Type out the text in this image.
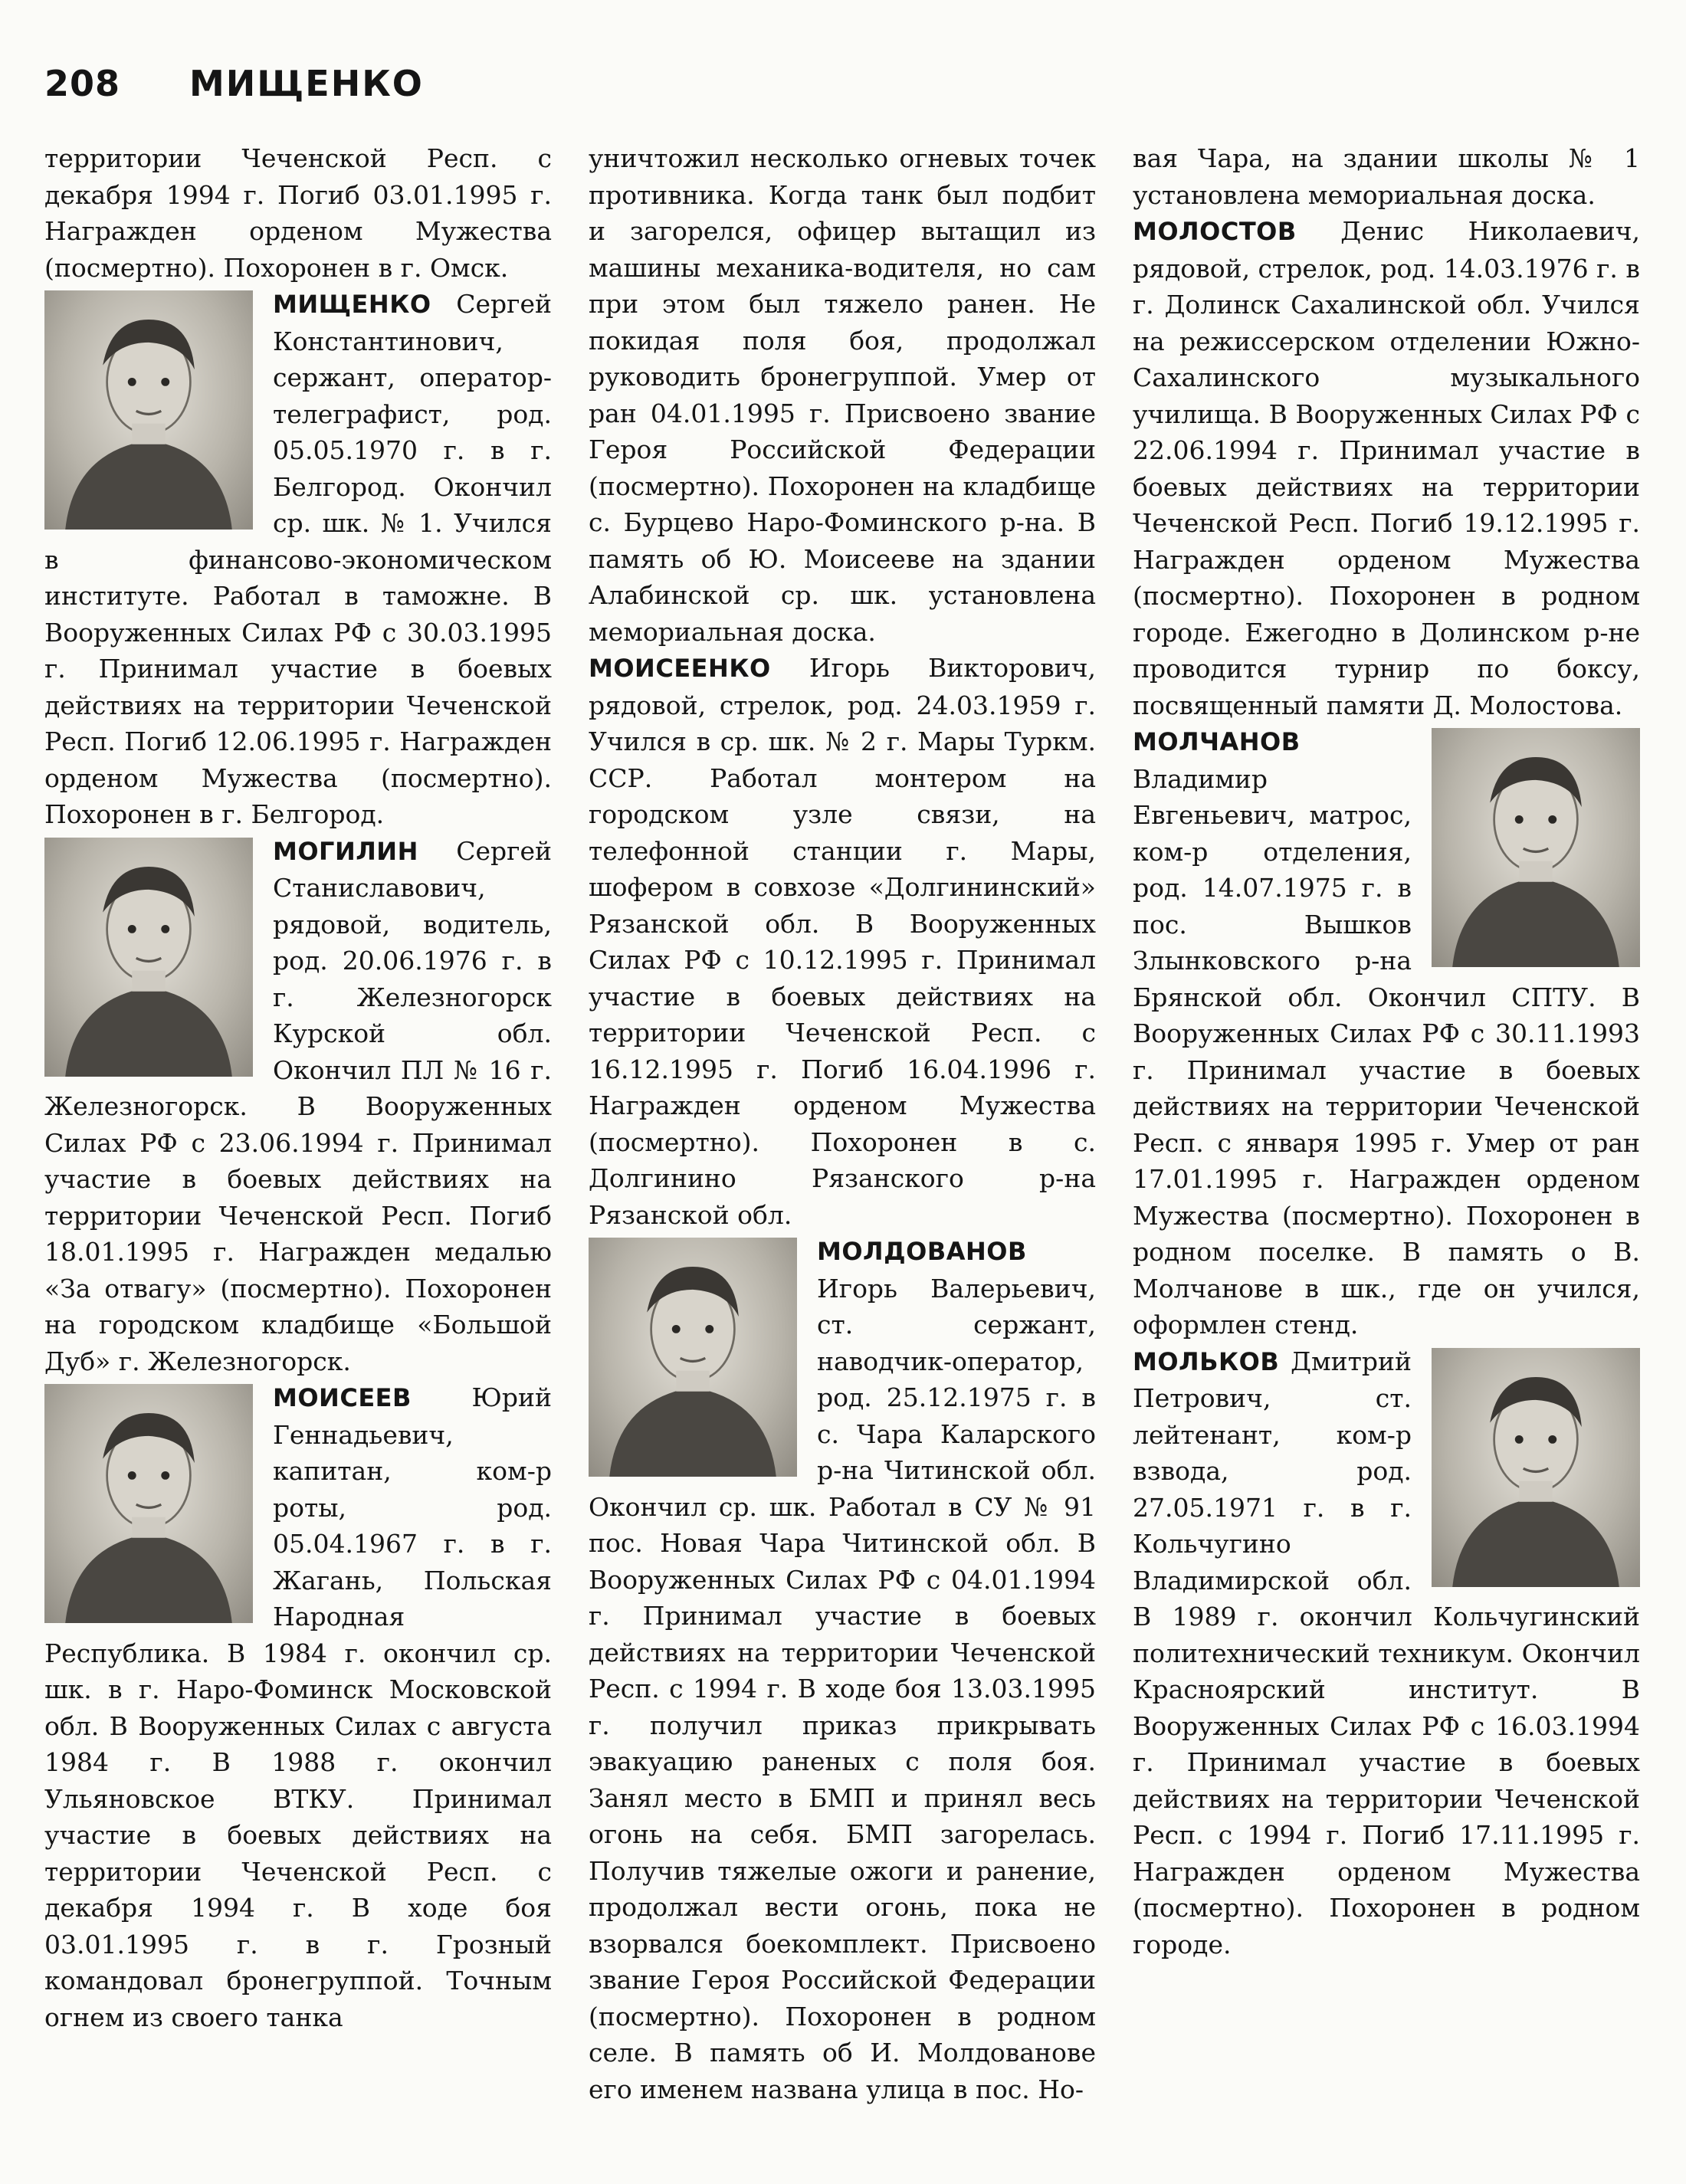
208 МИЩЕНКО

территории Чеченской Респ. с декабря 1994 г. Погиб 03.01.1995 г. Награжден орденом Мужества (посмертно). Похоронен в г. Омск.

МИЩЕНКО Сергей Константинович, сержант, оператор-телеграфист, род. 05.05.1970 г. в г. Белгород. Окончил ср. шк. № 1. Учился в финансово-экономическом институте. Работал в таможне. В Вооруженных Силах РФ с 30.03.1995 г. Принимал участие в боевых действиях на территории Чеченской Респ. Погиб 12.06.1995 г. Награжден орденом Мужества (посмертно). Похоронен в г. Белгород.

МОГИЛИН Сергей Станиславович, рядовой, водитель, род. 20.06.1976 г. в г. Железногорск Курской обл. Окончил ПЛ № 16 г. Железногорск. В Вооруженных Силах РФ с 23.06.1994 г. Принимал участие в боевых действиях на территории Чеченской Респ. Погиб 18.01.1995 г. Награжден медалью «За отвагу» (посмертно). Похоронен на городском кладбище «Большой Дуб» г. Железногорск.

МОИСЕЕВ Юрий Геннадьевич, капитан, ком-р роты, род. 05.04.1967 г. в г. Жагань, Польская Народная Республика. В 1984 г. окончил ср. шк. в г. Наро-Фоминск Московской обл. В Вооруженных Силах с августа 1984 г. В 1988 г. окончил Ульяновское ВТКУ. Принимал участие в боевых действиях на территории Чеченской Респ. с декабря 1994 г. В ходе боя 03.01.1995 г. в г. Грозный командовал бронегруппой. Точным огнем из своего танка

уничтожил несколько огневых точек противника. Когда танк был подбит и загорелся, офицер вытащил из машины механика-водителя, но сам при этом был тяжело ранен. Не покидая поля боя, продолжал руководить бронегруппой. Умер от ран 04.01.1995 г. Присвоено звание Героя Российской Федерации (посмертно). Похоронен на кладбище с. Бурцево Наро-Фоминского р-на. В память об Ю. Моисееве на здании Алабинской ср. шк. установлена мемориальная доска.

МОИСЕЕНКО Игорь Викторович, рядовой, стрелок, род. 24.03.1959 г. Учился в ср. шк. № 2 г. Мары Туркм. ССР. Работал монтером на городском узле связи, на телефонной станции г. Мары, шофером в совхозе «Долгининский» Рязанской обл. В Вооруженных Силах РФ с 10.12.1995 г. Принимал участие в боевых действиях на территории Чеченской Респ. с 16.12.1995 г. Погиб 16.04.1996 г. Награжден орденом Мужества (посмертно). Похоронен в с. Долгинино Рязанского р-на Рязанской обл.

МОЛДОВАНОВ Игорь Валерьевич, ст. сержант, наводчик-оператор, род. 25.12.1975 г. в с. Чара Каларского р-на Читинской обл. Окончил ср. шк. Работал в СУ № 91 пос. Новая Чара Читинской обл. В Вооруженных Силах РФ с 04.01.1994 г. Принимал участие в боевых действиях на территории Чеченской Респ. с 1994 г. В ходе боя 13.03.1995 г. получил приказ прикрывать эвакуацию раненых с поля боя. Занял место в БМП и принял весь огонь на себя. БМП загорелась. Получив тяжелые ожоги и ранение, продолжал вести огонь, пока не взорвался боекомплект. Присвоено звание Героя Российской Федерации (посмертно). Похоронен в родном селе. В память об И. Молдованове его именем названа улица в пос. Но-

вая Чара, на здании школы № 1 установлена мемориальная доска.

МОЛОСТОВ Денис Николаевич, рядовой, стрелок, род. 14.03.1976 г. в г. Долинск Сахалинской обл. Учился на режиссерском отделении Южно-Сахалинского музыкального училища. В Вооруженных Силах РФ с 22.06.1994 г. Принимал участие в боевых действиях на территории Чеченской Респ. Погиб 19.12.1995 г. Награжден орденом Мужества (посмертно). Похоронен в родном городе. Ежегодно в Долинском р-не проводится турнир по боксу, посвященный памяти Д. Молостова.

МОЛЧАНОВ Владимир Евгеньевич, матрос, ком-р отделения, род. 14.07.1975 г. в пос. Вышков Злынковского р-на Брянской обл. Окончил СПТУ. В Вооруженных Силах РФ с 30.11.1993 г. Принимал участие в боевых действиях на территории Чеченской Респ. с января 1995 г. Умер от ран 17.01.1995 г. Награжден орденом Мужества (посмертно). Похоронен в родном поселке. В память о В. Молчанове в шк., где он учился, оформлен стенд.

МОЛЬКОВ Дмитрий Петрович, ст. лейтенант, ком-р взвода, род. 27.05.1971 г. в г. Кольчугино Владимирской обл. В 1989 г. окончил Кольчугинский политехнический техникум. Окончил Красноярский институт. В Вооруженных Силах РФ с 16.03.1994 г. Принимал участие в боевых действиях на территории Чеченской Респ. с 1994 г. Погиб 17.11.1995 г. Награжден орденом Мужества (посмертно). Похоронен в родном городе.
